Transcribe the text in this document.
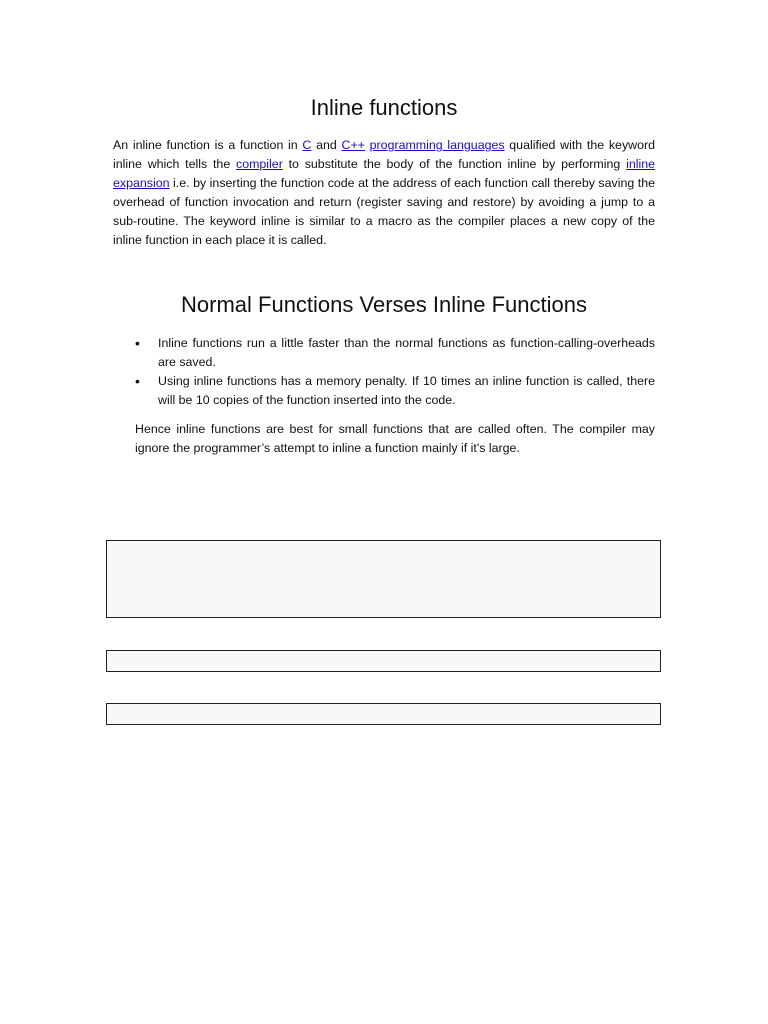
Inline functions

An inline function is a function in C and C++ programming languages qualified with the keyword inline which tells the compiler to substitute the body of the function inline by performing inline expansion i.e. by inserting the function code at the address of each function call thereby saving the overhead of function invocation and return (register saving and restore) by avoiding a jump to a sub-routine. The keyword inline is similar to a macro as the compiler places a new copy of the inline function in each place it is called.

Normal Functions Verses Inline Functions
•	Inline functions run a little faster than the normal functions as function-calling-overheads are saved.
•	Using inline functions has a memory penalty. If 10 times an inline function is called, there will be 10 copies of the function inserted into the code.

Hence inline functions are best for small functions that are called often. The compiler may ignore the programmer’s attempt to inline a function mainly if it's large.
